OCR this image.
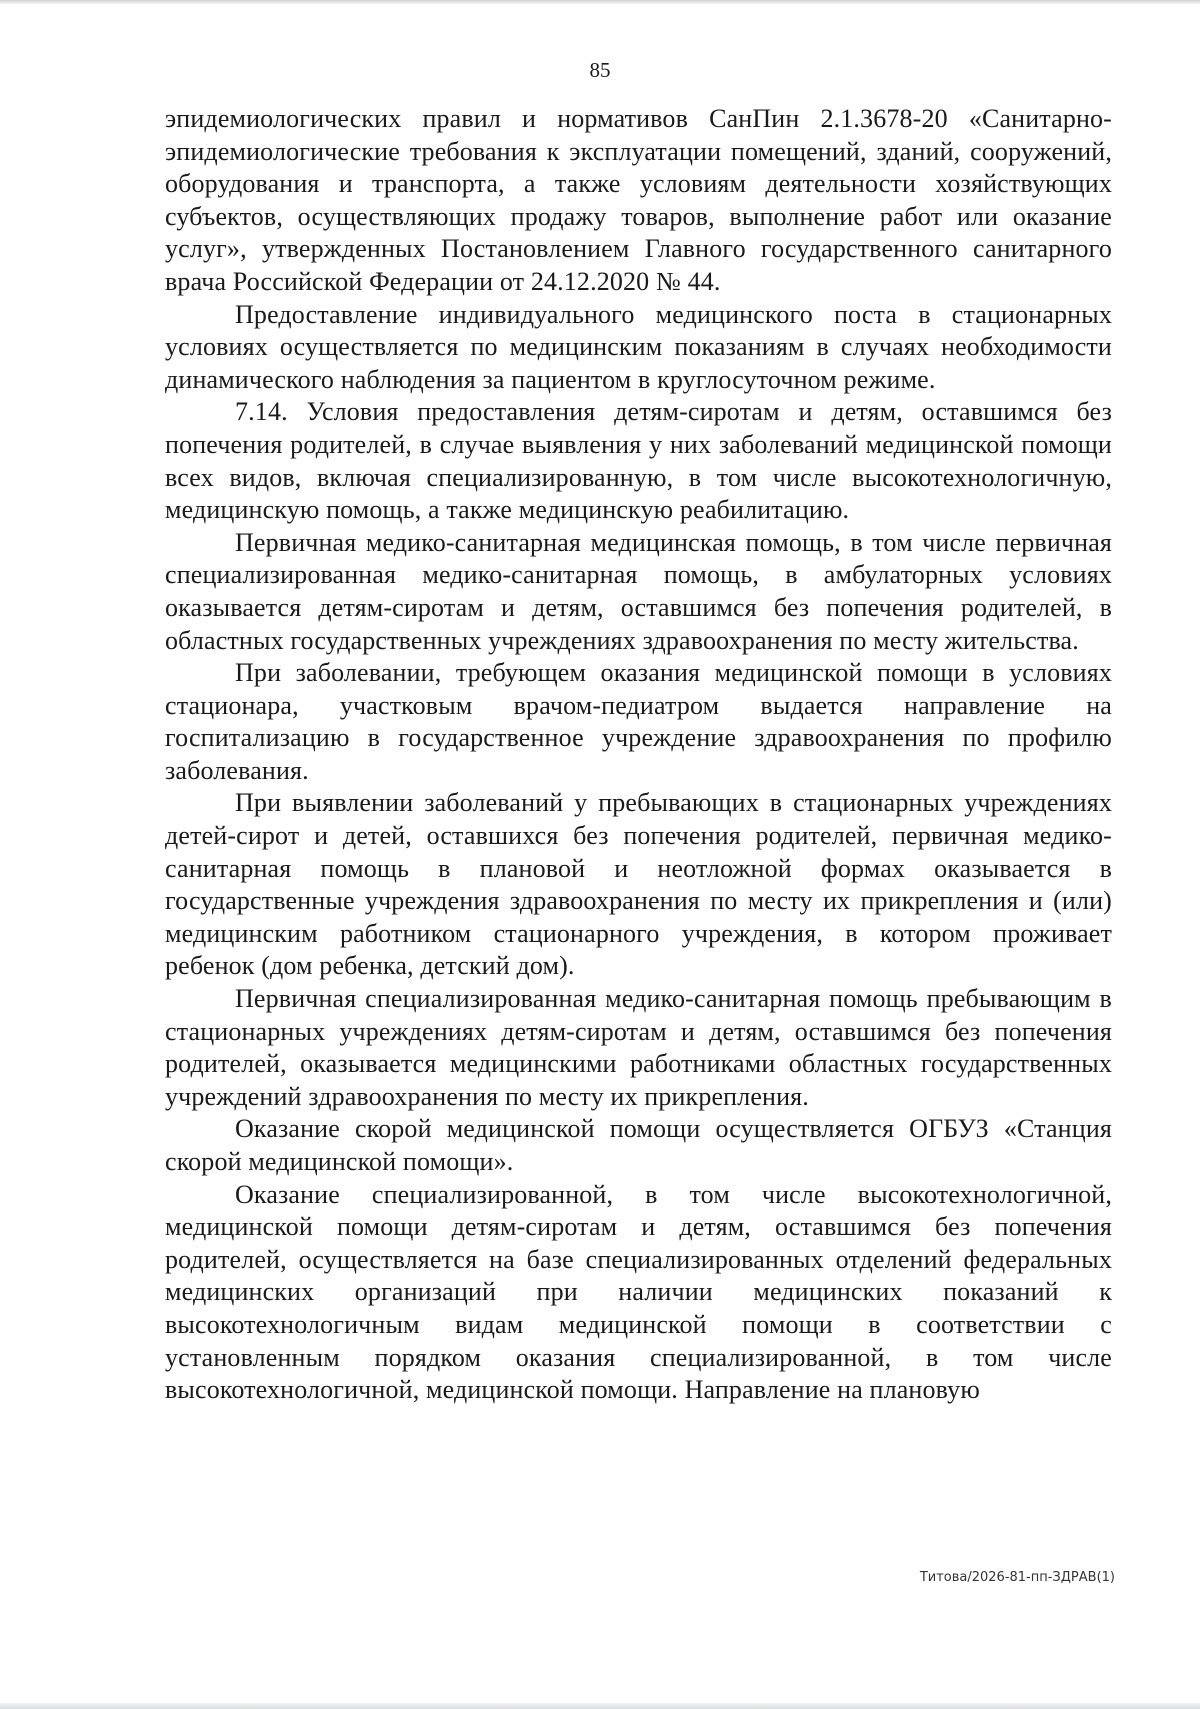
85

эпидемиологических правил и нормативов СанПин 2.1.3678-20 «Санитарно-эпидемиологические требования к эксплуатации помещений, зданий, сооружений, оборудования и транспорта, а также условиям деятельности хозяйствующих субъектов, осуществляющих продажу товаров, выполнение работ или оказание услуг», утвержденных Постановлением Главного государственного санитарного врача Российской Федерации от 24.12.2020 № 44.

Предоставление индивидуального медицинского поста в стационарных условиях осуществляется по медицинским показаниям в случаях необходимости динамического наблюдения за пациентом в круглосуточном режиме.

7.14. Условия предоставления детям-сиротам и детям, оставшимся без попечения родителей, в случае выявления у них заболеваний медицинской помощи всех видов, включая специализированную, в том числе высокотехнологичную, медицинскую помощь, а также медицинскую реабилитацию.

Первичная медико-санитарная медицинская помощь, в том числе первичная специализированная медико-санитарная помощь, в амбулаторных условиях оказывается детям-сиротам и детям, оставшимся без попечения родителей, в областных государственных учреждениях здравоохранения по месту жительства.

При заболевании, требующем оказания медицинской помощи в условиях стационара, участковым врачом-педиатром выдается направление на госпитализацию в государственное учреждение здравоохранения по профилю заболевания.

При выявлении заболеваний у пребывающих в стационарных учреждениях детей-сирот и детей, оставшихся без попечения родителей, первичная медико-санитарная помощь в плановой и неотложной формах оказывается в государственные учреждения здравоохранения по месту их прикрепления и (или) медицинским работником стационарного учреждения, в котором проживает ребенок (дом ребенка, детский дом).

Первичная специализированная медико-санитарная помощь пребывающим в стационарных учреждениях детям-сиротам и детям, оставшимся без попечения родителей, оказывается медицинскими работниками областных государственных учреждений здравоохранения по месту их прикрепления.

Оказание скорой медицинской помощи осуществляется ОГБУЗ «Станция скорой медицинской помощи».

Оказание специализированной, в том числе высокотехнологичной, медицинской помощи детям-сиротам и детям, оставшимся без попечения родителей, осуществляется на базе специализированных отделений федеральных медицинских организаций при наличии медицинских показаний к высокотехнологичным видам медицинской помощи в соответствии с установленным порядком оказания специализированной, в том числе высокотехнологичной, медицинской помощи. Направление на плановую

Титова/2026-81-пп-ЗДРАВ(1)
